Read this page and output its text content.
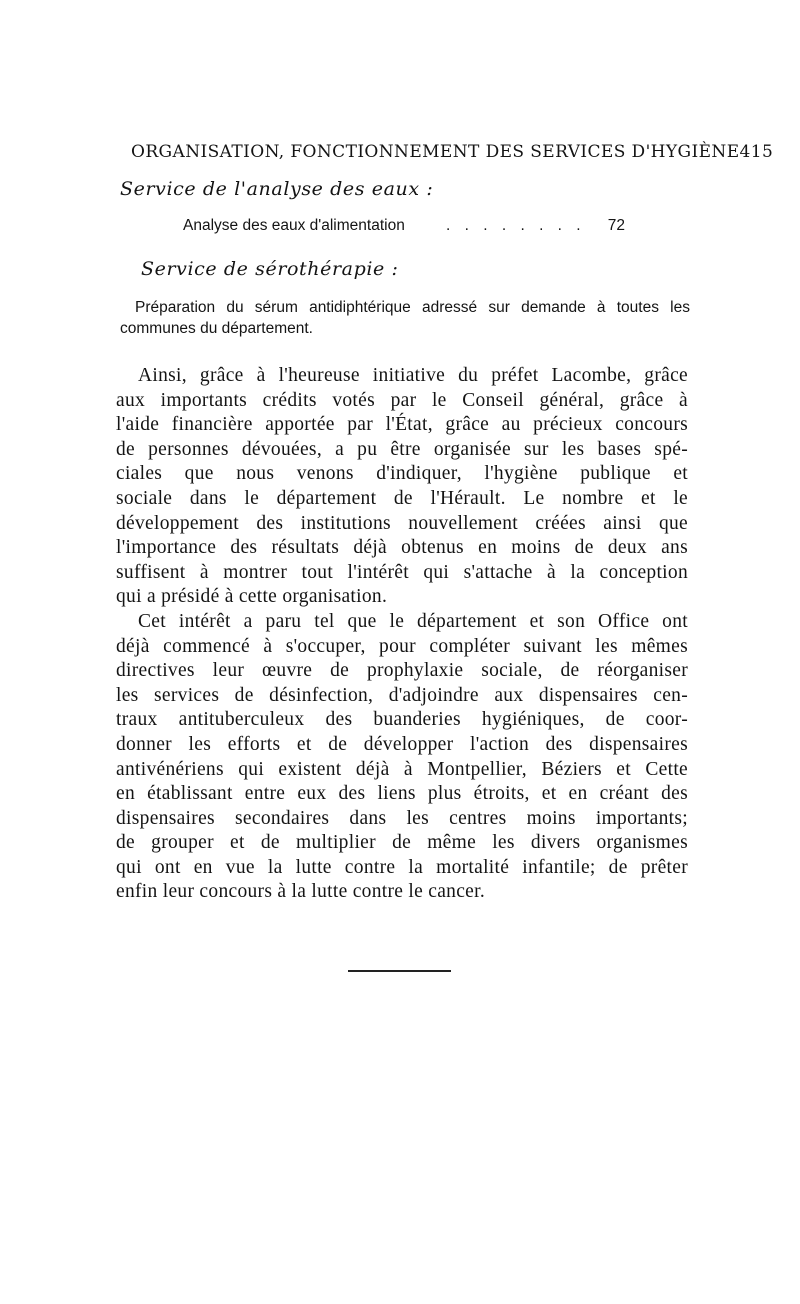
ORGANISATION, FONCTIONNEMENT DES SERVICES D'HYGIÈNE 415
Service de l'analyse des eaux :
Analyse des eaux d'alimentation	. . . . . . . . 72
Service de sérothérapie :
Préparation du sérum antidiphtérique adressé sur demande à toutes les
communes du département.
Ainsi, grâce à l'heureuse initiative du préfet Lacombe, grâce
aux importants crédits votés par le Conseil général, grâce à
l'aide financière apportée par l'État, grâce au précieux concours
de personnes dévouées, a pu être organisée sur les bases spé-
ciales que nous venons d'indiquer, l'hygiène publique et
sociale dans le département de l'Hérault. Le nombre et le
développement des institutions nouvellement créées ainsi que
l'importance des résultats déjà obtenus en moins de deux ans
suffisent à montrer tout l'intérêt qui s'attache à la conception
qui a présidé à cette organisation.
Cet intérêt a paru tel que le département et son Office ont
déjà commencé à s'occuper, pour compléter suivant les mêmes
directives leur œuvre de prophylaxie sociale, de réorganiser
les services de désinfection, d'adjoindre aux dispensaires cen-
traux antituberculeux des buanderies hygiéniques, de coor-
donner les efforts et de développer l'action des dispensaires
antivénériens qui existent déjà à Montpellier, Béziers et Cette
en établissant entre eux des liens plus étroits, et en créant des
dispensaires secondaires dans les centres moins importants;
de grouper et de multiplier de même les divers organismes
qui ont en vue la lutte contre la mortalité infantile; de prêter
enfin leur concours à la lutte contre le cancer.
